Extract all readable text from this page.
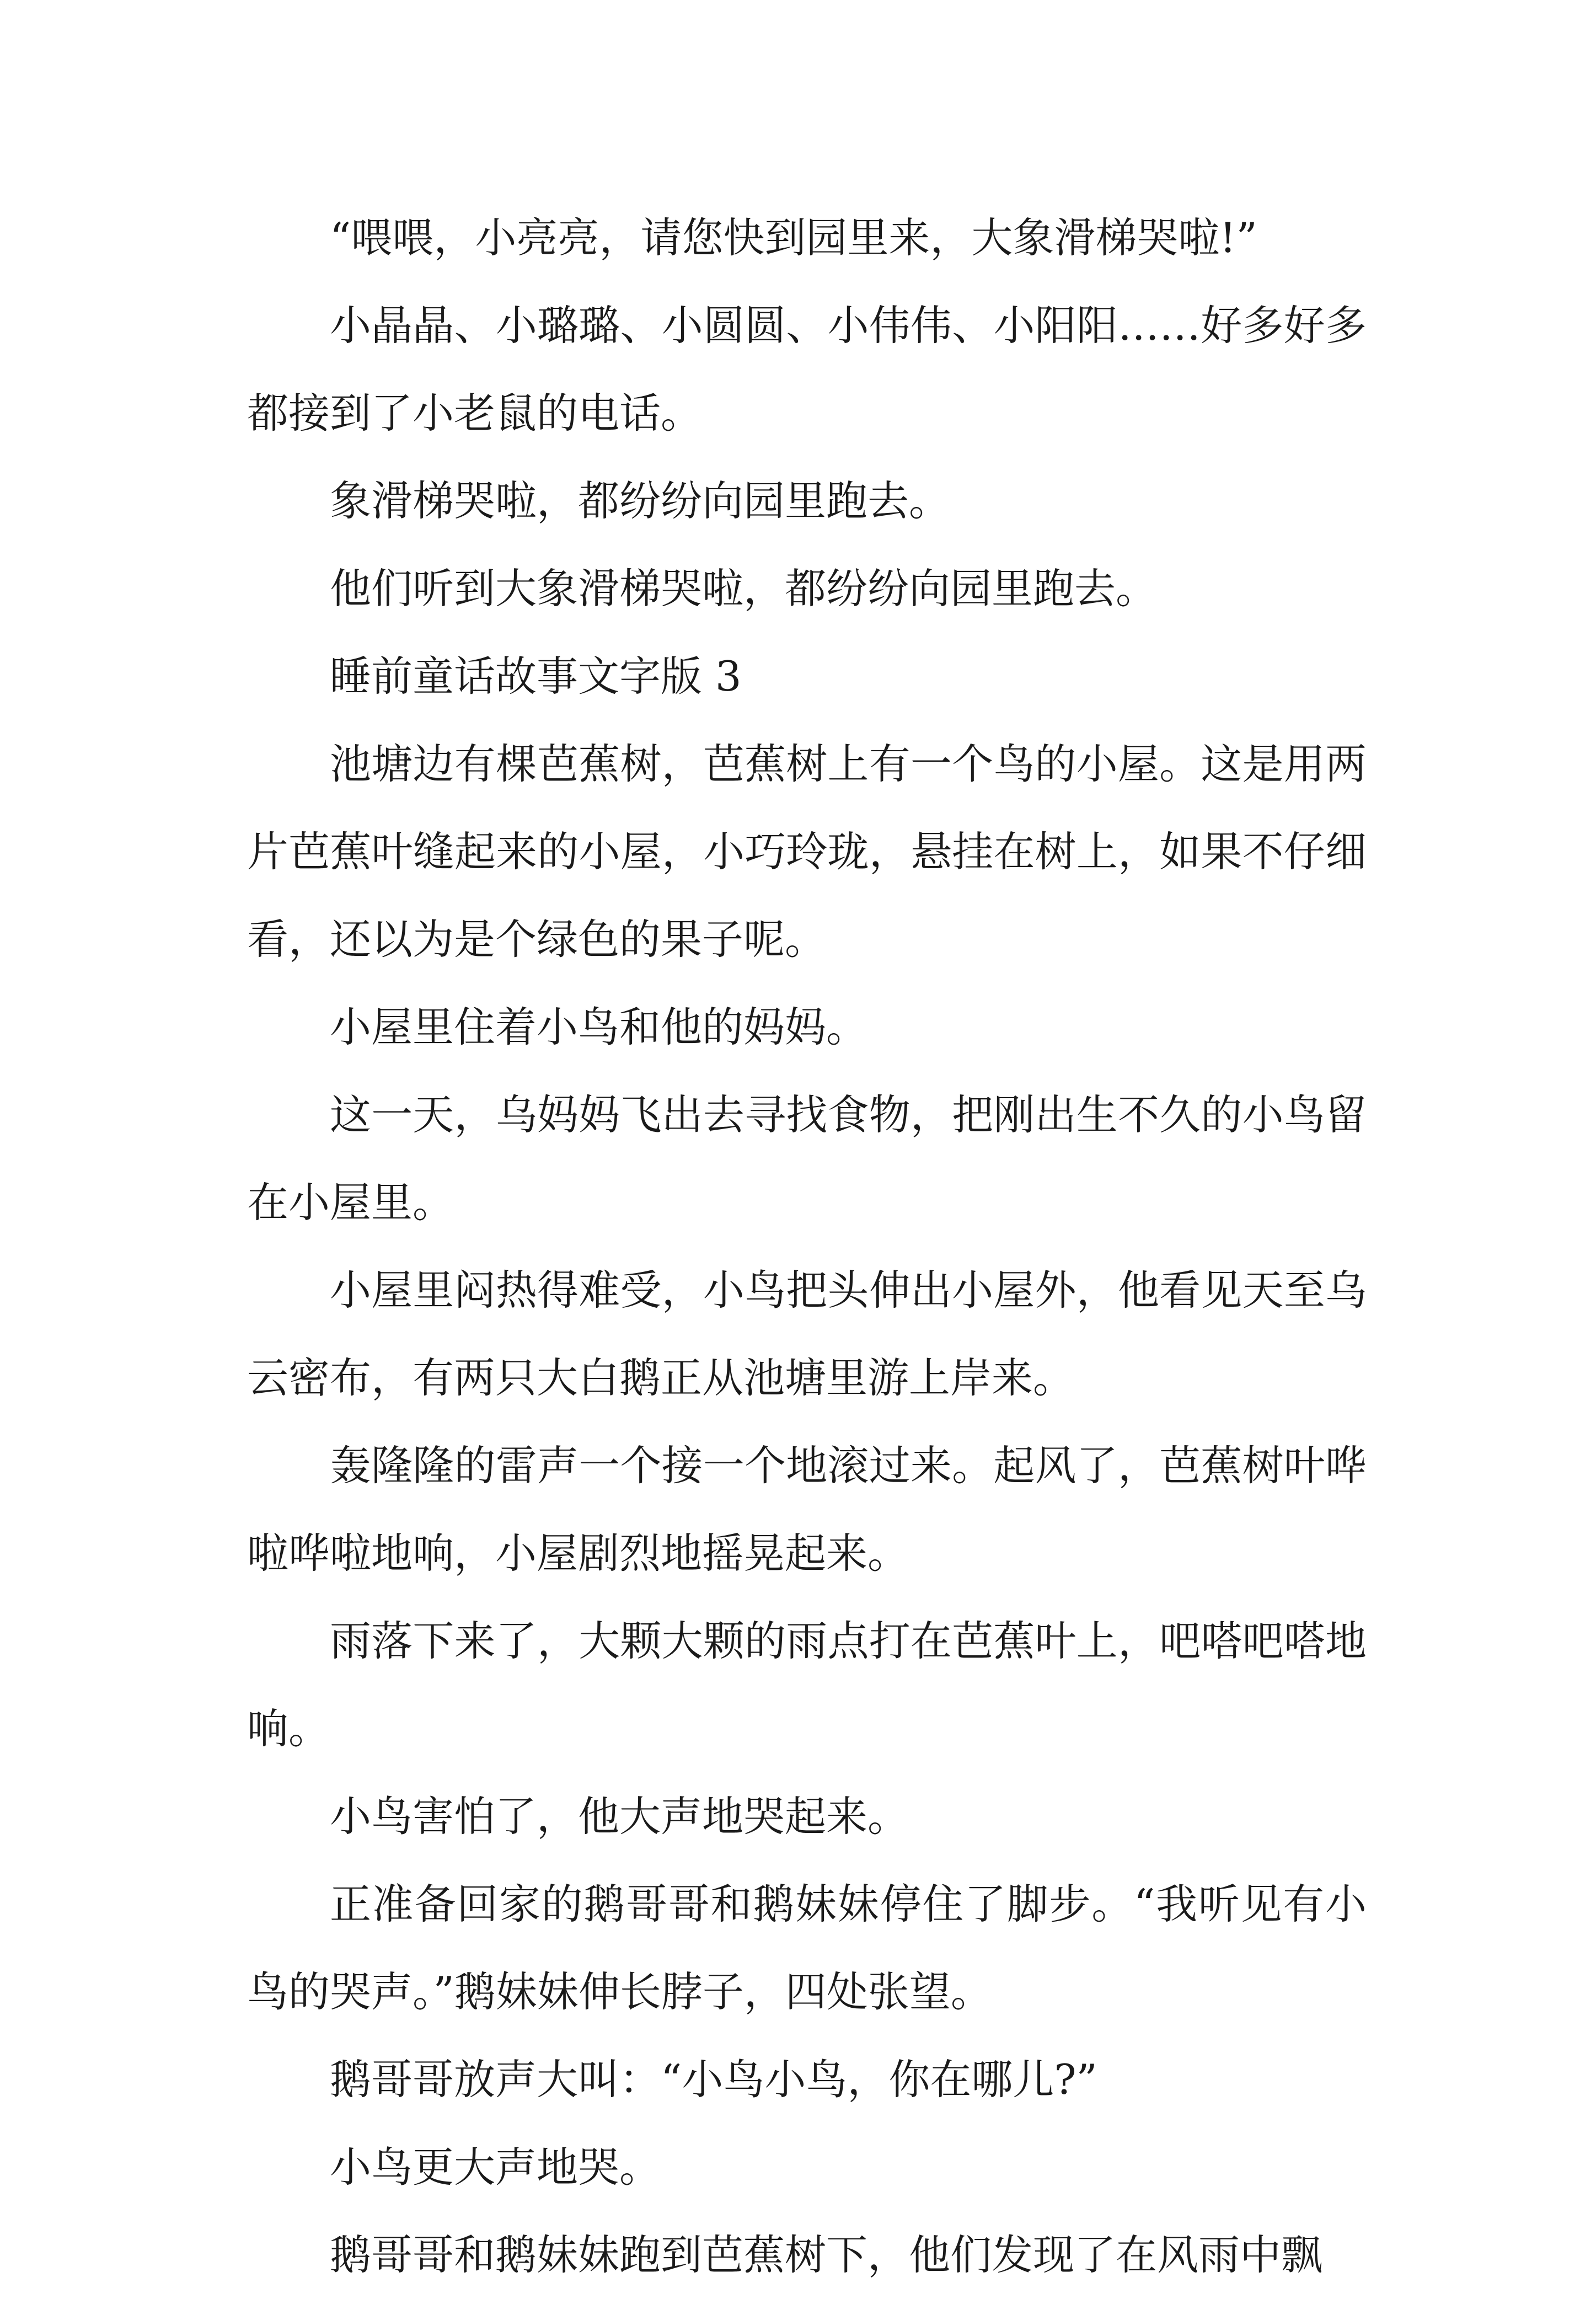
“喂喂，小亮亮，请您快到园里来，大象滑梯哭啦!”

小晶晶、小璐璐、小圆圆、小伟伟、小阳阳……好多好多都接到了小老鼠的电话。

象滑梯哭啦，都纷纷向园里跑去。

他们听到大象滑梯哭啦，都纷纷向园里跑去。

睡前童话故事文字版 3

池塘边有棵芭蕉树，芭蕉树上有一个鸟的小屋。这是用两片芭蕉叶缝起来的小屋，小巧玲珑，悬挂在树上，如果不仔细看，还以为是个绿色的果子呢。

小屋里住着小鸟和他的妈妈。

这一天，乌妈妈飞出去寻找食物，把刚出生不久的小鸟留在小屋里。

小屋里闷热得难受，小鸟把头伸出小屋外，他看见天至乌云密布，有两只大白鹅正从池塘里游上岸来。

轰隆隆的雷声一个接一个地滚过来。起风了，芭蕉树叶哗啦哗啦地响，小屋剧烈地摇晃起来。

雨落下来了，大颗大颗的雨点打在芭蕉叶上，吧嗒吧嗒地响。

小鸟害怕了，他大声地哭起来。

正准备回家的鹅哥哥和鹅妹妹停住了脚步。“我听见有小鸟的哭声。”鹅妹妹伸长脖子，四处张望。

鹅哥哥放声大叫：“小鸟小鸟，你在哪儿?”

小鸟更大声地哭。

鹅哥哥和鹅妹妹跑到芭蕉树下，他们发现了在风雨中飘
